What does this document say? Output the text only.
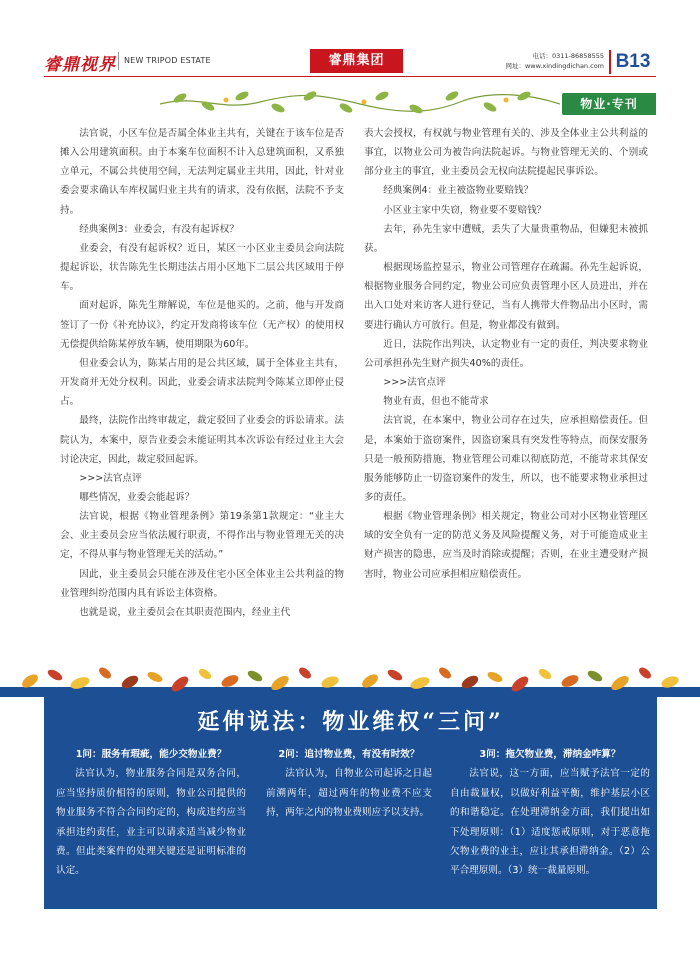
睿鼎视界 NEW TRIPOD ESTATE	睿鼎集团	电话：0311-86858555
网址：www.xindingdichan.com B13
物业·专刊

法官说，小区车位是否属全体业主共有，关键在于该车位是否摊入公用建筑面积。由于本案车位面积不计入总建筑面积，又系独立单元，不属公共使用空间，无法判定属业主共用，因此，针对业委会要求确认车库权属归业主共有的请求，没有依据，法院不予支持。

经典案例3：业委会，有没有起诉权？

业委会，有没有起诉权？近日，某区一小区业主委员会向法院提起诉讼，状告陈先生长期违法占用小区地下二层公共区域用于停车。

面对起诉，陈先生辩解说，车位是他买的。之前，他与开发商签订了一份《补充协议》，约定开发商将该车位（无产权）的使用权无偿提供给陈某停放车辆，使用期限为60年。

但业委会认为，陈某占用的是公共区域，属于全体业主共有，开发商并无处分权利。因此，业委会请求法院判令陈某立即停止侵占。

最终，法院作出终审裁定，裁定驳回了业委会的诉讼请求。法院认为，本案中，原告业委会未能证明其本次诉讼有经过业主大会讨论决定，因此，裁定驳回起诉。

>>>法官点评

哪些情况，业委会能起诉？

法官说，根据《物业管理条例》第19条第1款规定：“业主大会、业主委员会应当依法履行职责，不得作出与物业管理无关的决定，不得从事与物业管理无关的活动。”

因此，业主委员会只能在涉及住宅小区全体业主公共利益的物业管理纠纷范围内具有诉讼主体资格。

也就是说，业主委员会在其职责范围内，经业主代

表大会授权，有权就与物业管理有关的、涉及全体业主公共利益的事宜，以物业公司为被告向法院起诉。与物业管理无关的、个别或部分业主的事宜，业主委员会无权向法院提起民事诉讼。

经典案例4：业主被盗物业要赔钱？

小区业主家中失窃，物业要不要赔钱？

去年，孙先生家中遭贼，丢失了大量贵重物品，但嫌犯未被抓获。

根据现场监控显示，物业公司管理存在疏漏。孙先生起诉说，根据物业服务合同约定，物业公司应负责管理小区人员进出，并在出入口处对来访客人进行登记，当有人携带大件物品出小区时，需要进行确认方可放行。但是，物业都没有做到。

近日，法院作出判决，认定物业有一定的责任，判决要求物业公司承担孙先生财产损失40%的责任。

>>>法官点评

物业有责，但也不能苛求

法官说，在本案中，物业公司存在过失，应承担赔偿责任。但是，本案始于盗窃案件，因盗窃案具有突发性等特点，而保安服务只是一般预防措施，物业管理公司难以彻底防范，不能苛求其保安服务能够防止一切盗窃案件的发生，所以，也不能要求物业承担过多的责任。

根据《物业管理条例》相关规定，物业公司对小区物业管理区域的安全负有一定的防范义务及风险提醒义务，对于可能造成业主财产损害的隐患，应当及时消除或提醒；否则，在业主遭受财产损害时，物业公司应承担相应赔偿责任。

延伸说法：物业维权“三问”
1问：服务有瑕疵，能少交物业费？

法官认为，物业服务合同是双务合同，应当坚持质价相符的原则，物业公司提供的物业服务不符合合同约定的，构成违约应当承担违约责任，业主可以请求适当减少物业费。但此类案件的处理关键还是证明标准的认定。

2问：追讨物业费，有没有时效？

法官认为，自物业公司起诉之日起前溯两年，超过两年的物业费不应支持，两年之内的物业费则应予以支持。

3问：拖欠物业费，滞纳金咋算？

法官说，这一方面，应当赋予法官一定的自由裁量权，以做好利益平衡，维护基层小区的和谐稳定。在处理滞纳金方面，我们提出如下处理原则：（1）适度惩戒原则，对于恶意拖欠物业费的业主，应让其承担滞纳金。（2）公平合理原则。（3）统一裁量原则。
